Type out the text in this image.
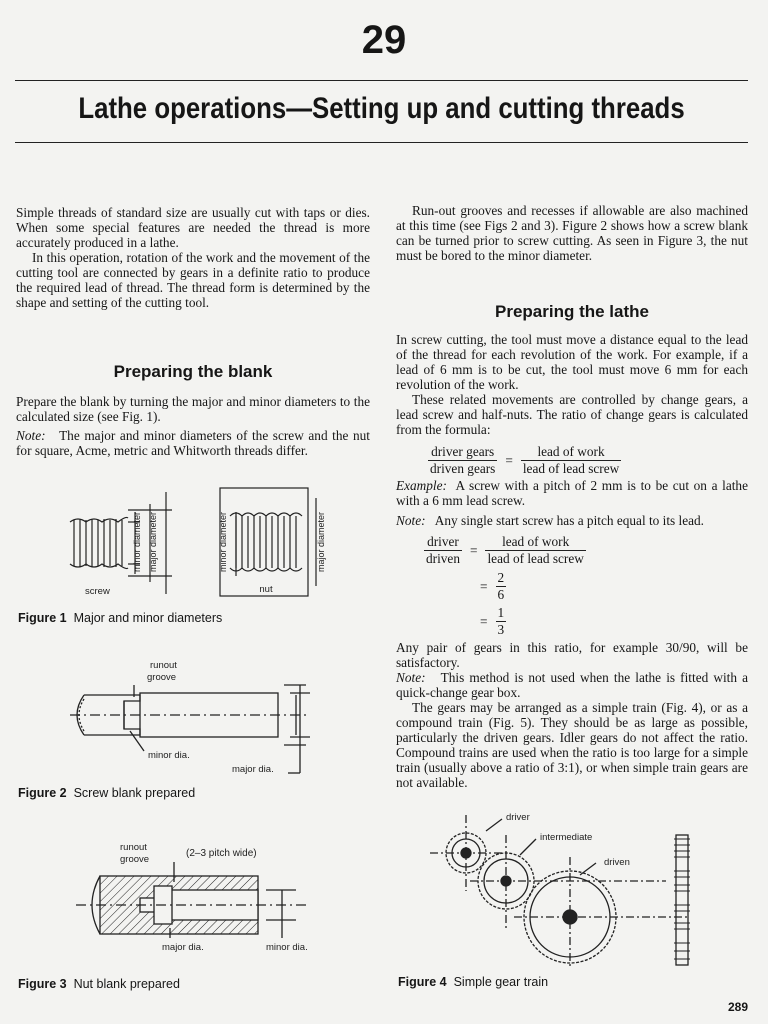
29
Lathe operations—Setting up and cutting threads

Simple threads of standard size are usually cut with taps or dies. When some special features are needed the thread is more accurately produced in a lathe.

In this operation, rotation of the work and the movement of the cutting tool are connected by gears in a definite ratio to produce the required lead of thread. The thread form is determined by the shape and setting of the cutting tool.

Preparing the blank

Prepare the blank by turning the major and minor diameters to the calculated size (see Fig. 1).

Note: The major and minor diameters of the screw and the nut for square, Acme, metric and Whitworth threads differ.

minor diameter major diameter	minor diameter	major diameter
screw	nut
Figure 1 Major and minor diameters
runout
groove
minor dia.
major dia.
Figure 2 Screw blank prepared
runout
groove
(2–3 pitch wide)
major dia.	minor dia.
Figure 3 Nut blank prepared

Run-out grooves and recesses if allowable are also machined at this time (see Figs 2 and 3). Figure 2 shows how a screw blank can be turned prior to screw cutting. As seen in Figure 3, the nut must be bored to the minor diameter.

Preparing the lathe

In screw cutting, the tool must move a distance equal to the lead of the thread for each revolution of the work. For example, if a lead of 6 mm is to be cut, the tool must move 6 mm for each revolution of the work.

These related movements are controlled by change gears, a lead screw and half-nuts. The ratio of change gears is calculated from the formula:

$\frac{\text{driver gears}}{\text{driven gears}} = \frac{\text{lead of work}}{\text{lead of lead screw}}$

Example: A screw with a pitch of 2 mm is to be cut on a lathe with a 6 mm lead screw.

Note: Any single start screw has a pitch equal to its lead.

$\frac{\text{driver}}{\text{driven}} = \frac{\text{lead of work}}{\text{lead of lead screw}}$
= $\frac{2}{6}$
= $\frac{1}{3}$

Any pair of gears in this ratio, for example 30/90, will be satisfactory.

Note: This method is not used when the lathe is fitted with a quick-change gear box.

The gears may be arranged as a simple train (Fig. 4), or as a compound train (Fig. 5). They should be as large as possible, particularly the driven gears. Idler gears do not affect the ratio. Compound trains are used when the ratio is too large for a simple train (usually above a ratio of 3:1), or when simple train gears are not available.

driver
intermediate
driven
Figure 4 Simple gear train
289
